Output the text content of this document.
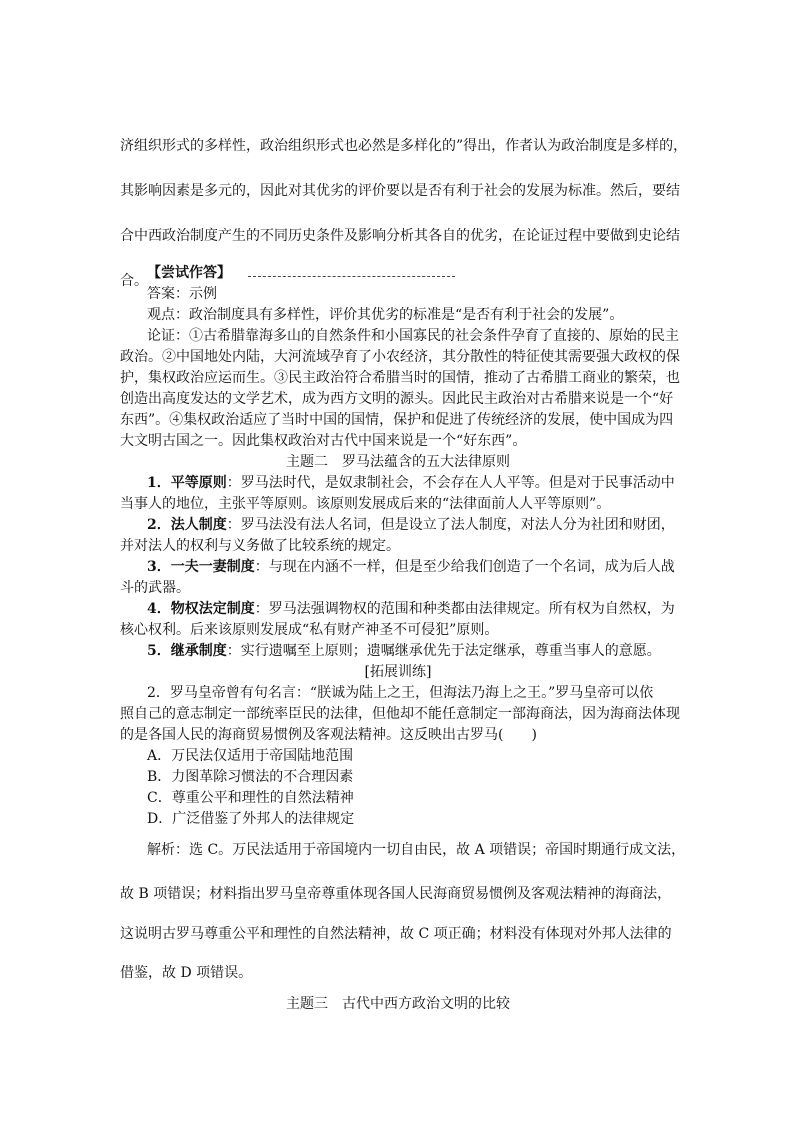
济组织形式的多样性，政治组织形式也必然是多样化的”得出，作者认为政治制度是多样的，
其影响因素是多元的，因此对其优劣的评价要以是否有利于社会的发展为标准。然后，要结
合中西政治制度产生的不同历史条件及影响分析其各自的优劣，在论证过程中要做到史论结
合。 【尝试作答】
答案：示例
观点：政治制度具有多样性，评价其优劣的标准是“是否有利于社会的发展”。
论证：①古希腊靠海多山的自然条件和小国寡民的社会条件孕育了直接的、原始的民主
政治。②中国地处内陆，大河流域孕育了小农经济，其分散性的特征使其需要强大政权的保
护，集权政治应运而生。③民主政治符合希腊当时的国情，推动了古希腊工商业的繁荣，也
创造出高度发达的文学艺术，成为西方文明的源头。因此民主政治对古希腊来说是一个“好
东西”。④集权政治适应了当时中国的国情，保护和促进了传统经济的发展，使中国成为四
大文明古国之一。因此集权政治对古代中国来说是一个“好东西”。
主题二　罗马法蕴含的五大法律原则
1．平等原则：罗马法时代，是奴隶制社会，不会存在人人平等。但是对于民事活动中
当事人的地位，主张平等原则。该原则发展成后来的“法律面前人人平等原则”。
2．法人制度：罗马法没有法人名词，但是设立了法人制度，对法人分为社团和财团，
并对法人的权利与义务做了比较系统的规定。
3．一夫一妻制度：与现在内涵不一样，但是至少给我们创造了一个名词，成为后人战
斗的武器。
4．物权法定制度：罗马法强调物权的范围和种类都由法律规定。所有权为自然权，为
核心权利。后来该原则发展成“私有财产神圣不可侵犯”原则。
5．继承制度：实行遗嘱至上原则；遗嘱继承优先于法定继承，尊重当事人的意愿。
[拓展训练]
2．罗马皇帝曾有句名言：“朕诚为陆上之王，但海法乃海上之王。”罗马皇帝可以依
照自己的意志制定一部统率臣民的法律，但他却不能任意制定一部海商法，因为海商法体现
的是各国人民的海商贸易惯例及客观法精神。这反映出古罗马(　　)
A．万民法仅适用于帝国陆地范围
B．力图革除习惯法的不合理因素
C．尊重公平和理性的自然法精神
D．广泛借鉴了外邦人的法律规定
解析：选 C。万民法适用于帝国境内一切自由民，故 A 项错误；帝国时期通行成文法，
故 B 项错误；材料指出罗马皇帝尊重体现各国人民海商贸易惯例及客观法精神的海商法，
这说明古罗马尊重公平和理性的自然法精神，故 C 项正确；材料没有体现对外邦人法律的
借鉴，故 D 项错误。
主题三　古代中西方政治文明的比较
